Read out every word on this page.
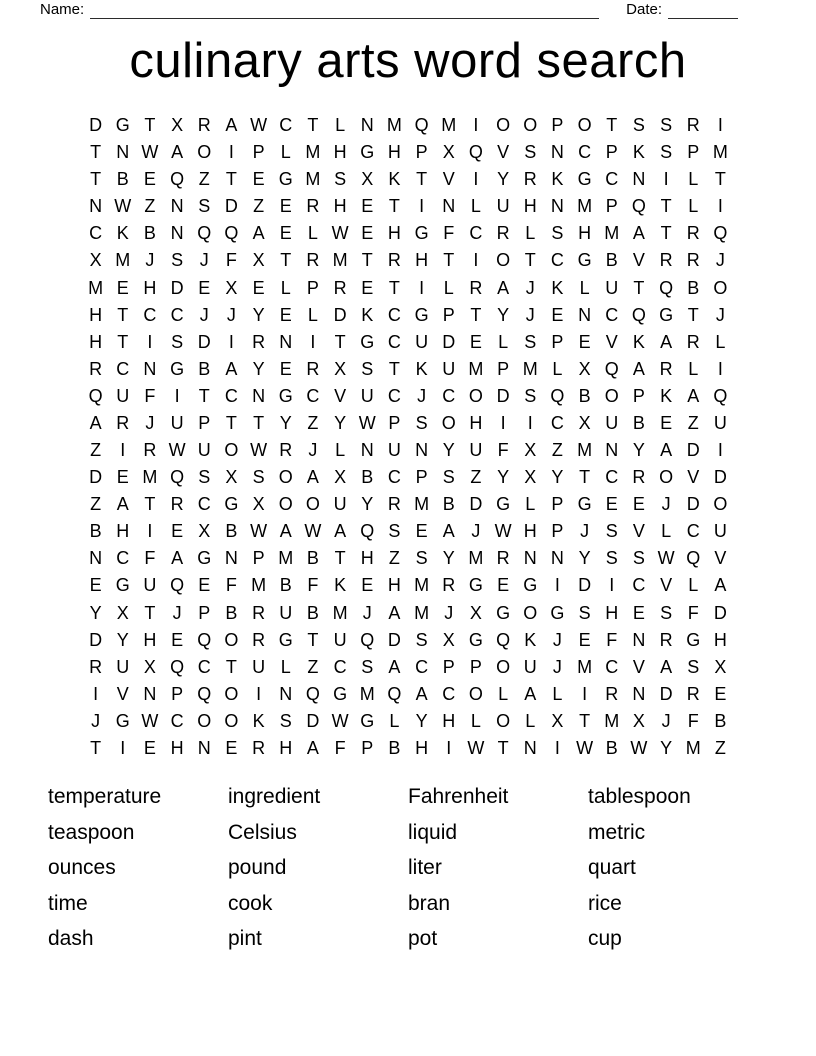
Name:	Date:
culinary arts word search
D G T X R A W C T L N M Q M I O O P O T S S R	I
T N W A O I	P L M H G H P X Q V S N C P K S P M
T B E Q Z T E G M S X K T V	I	Y R K G C N	I	L T
N W Z N S D Z E R H E T	I	N L U H N M P Q T L	I
C K B N Q Q A E L W E H G F C R L S H M A T R Q
X M J S J F X T R M T R H T	I O T C G B V R R J
M E H D E X E L P R E T	I	L R A J K L U T Q B O
H T C C J	J Y E L D K C G P T Y J E N C Q G T J
H T	I	S D	I	R N	I	T G C U D E L S P E V K A R L
R C N G B A Y E R X S T K U M P M L X Q A R L	I
Q U F	I	T C N G C V U C J C O D S Q B O P K A Q
A R J U P T T Y Z Y W P S O H	I	I	C X U B E Z U
Z	I	R W U O W R J L N U N Y U F X Z M N Y A D	I
D E M Q S X S O A X B C P S Z Y X Y T C R O V D
Z A T R C G X O O U Y R M B D G L P G E E J D O
B H	I	E X B W A W A Q S E A J W H P J S V L C U
N C F A G N P M B T H Z S Y M R N N Y S S W Q V
E G U Q E F M B F K E H M R G E G I	D	I	C V L A
Y X T J P B R U B M J A M J X G O G S H E S F D
D Y H E Q O R G T U Q D S X G Q K J E F N R G H
R U X Q C T U L Z C S A C P P O U J M C V A S X
I	V N P Q O I	N Q G M Q A C O L A L	I	R N D R E
J G W C O O K S D W G L Y H L O L X T M X J F B
T	I	E H N E R H A F P B H	I W T N	I W B W Y M Z
temperature
teaspoon
ounces
time
dash
ingredient
Celsius
pound
cook
pint
Fahrenheit
liquid
liter
bran
pot
tablespoon
metric
quart
rice
cup
